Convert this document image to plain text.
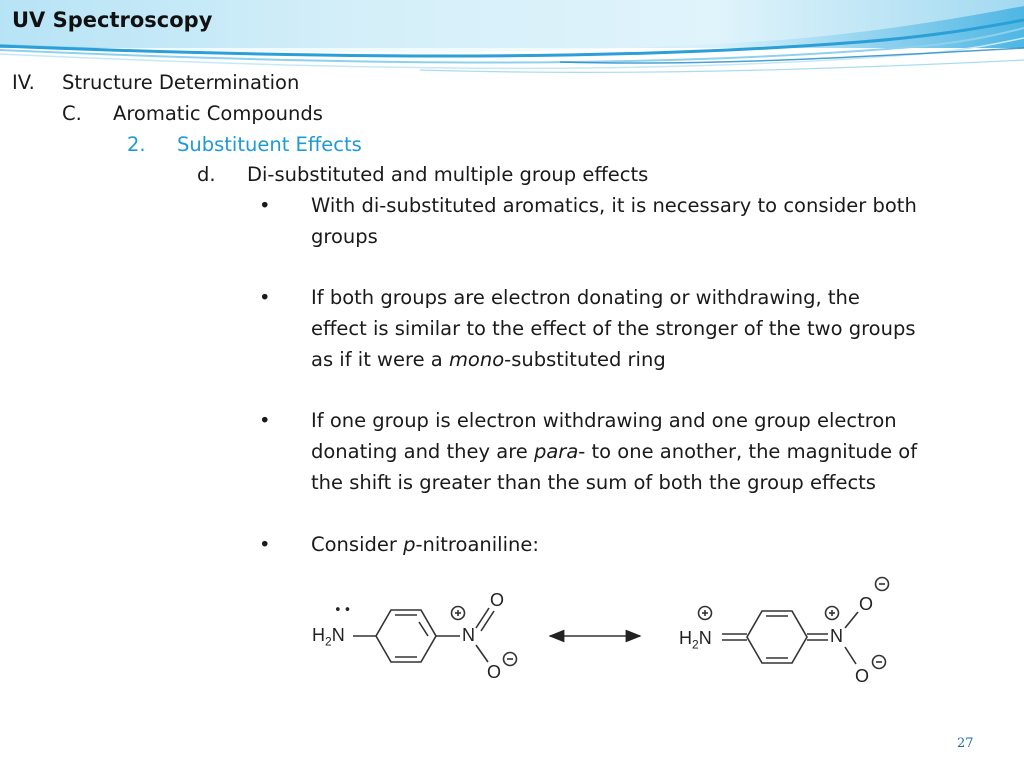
UV Spectroscopy
IV. Structure Determination
C. Aromatic Compounds
2. Substituent Effects
d. Di-substituted and multiple group effects
• With di-substituted aromatics, it is necessary to consider both
groups
• If both groups are electron donating or withdrawing, the
effect is similar to the effect of the stronger of the two groups
as if it were a mono-substituted ring
• If one group is electron withdrawing and one group electron
donating and they are para- to one another, the magnitude of
the shift is greater than the sum of both the group effects
• Consider p-nitroaniline:
$H_2N$
••
N
O
O
$H_2N$	N
O
O
27
